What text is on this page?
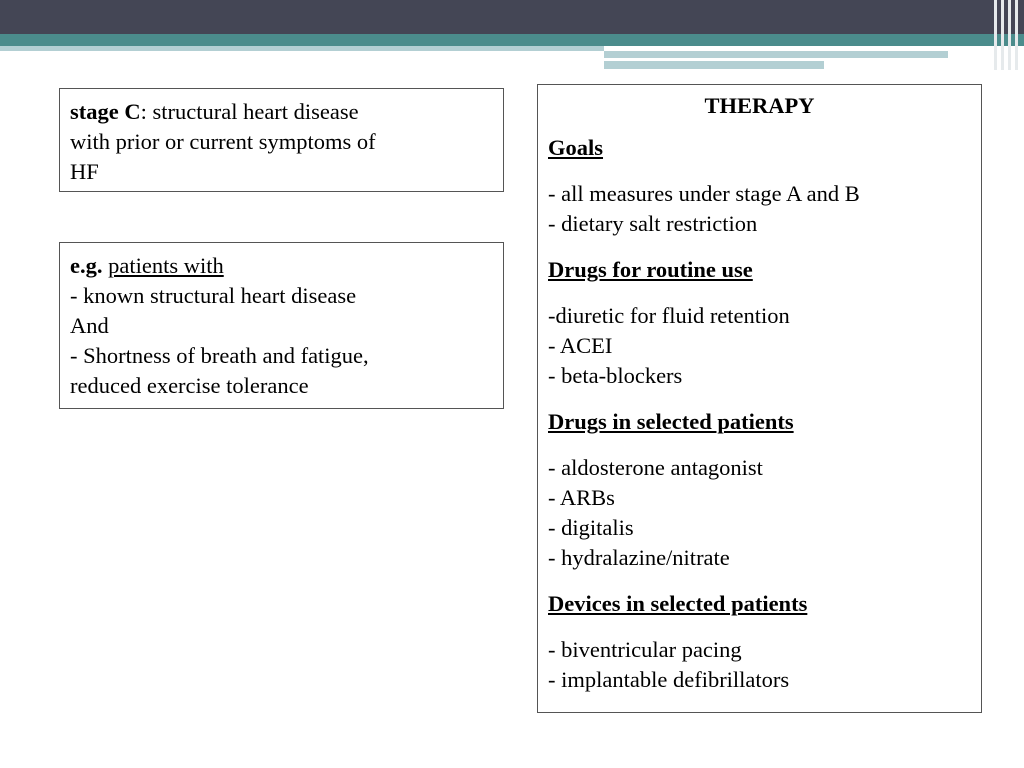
stage C: structural heart disease
with prior or current symptoms of
HF
e.g. patients with
- known structural heart disease
And
- Shortness of breath and fatigue,
reduced exercise tolerance
THERAPY
Goals
- all measures under stage A and B
- dietary salt restriction
Drugs for routine use
-diuretic for fluid retention
- ACEI
- beta-blockers
Drugs in selected patients
- aldosterone antagonist
- ARBs
- digitalis
- hydralazine/nitrate
Devices in selected patients
- biventricular pacing
- implantable defibrillators
